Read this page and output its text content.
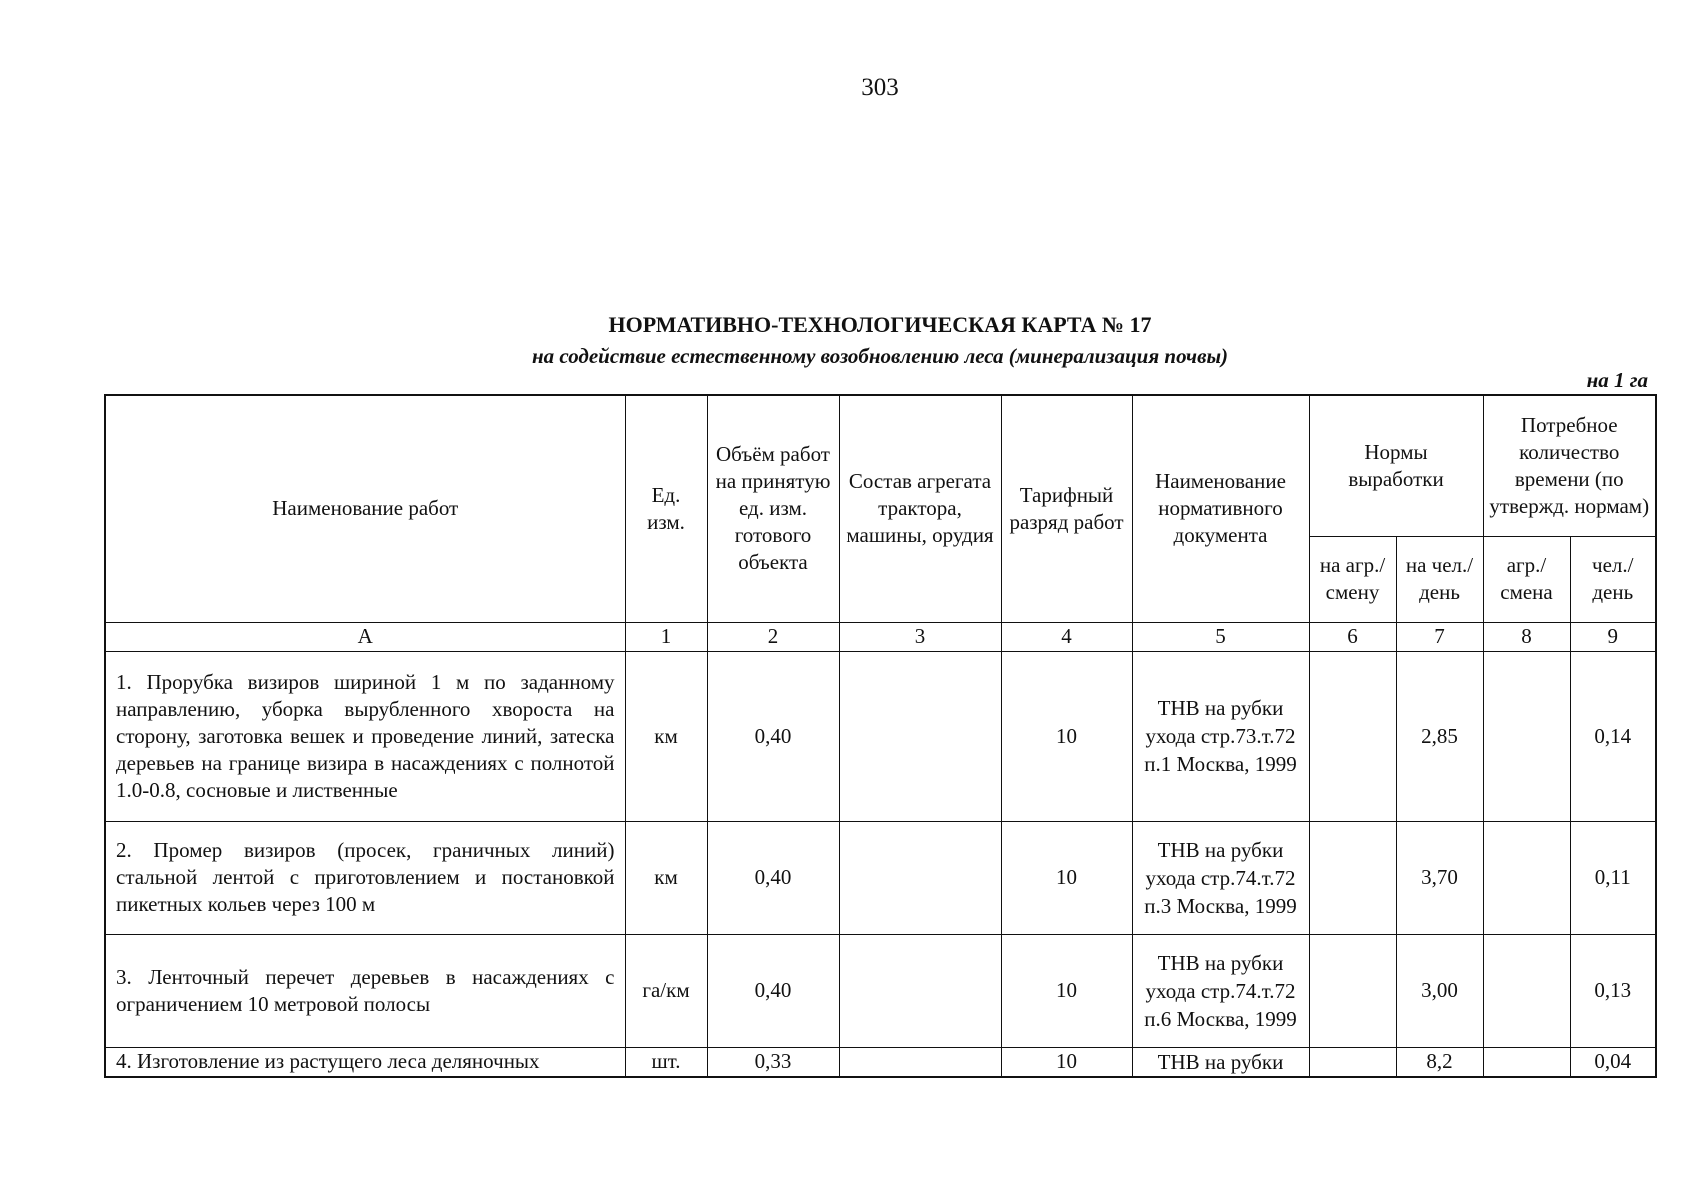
303
НОРМАТИВНО-ТЕХНОЛОГИЧЕСКАЯ КАРТА № 17
на содействие естественному возобновлению леса (минерализация почвы)
на 1 га
Наименование работ	Ед. изм.	Объём работ на принятую ед. изм. готового объекта	Состав агрегата трактора, машины, орудия	Тарифный разряд работ	Наименование нормативного документа	Нормы выработки		Потребное количество времени (по утвержд. нормам)	
						на агр./ смену	на чел./ день	агр./ смена	чел./ день
А	1	2	3	4	5	6	7	8	9
1. Прорубка визиров шириной 1 м по заданному направлению, уборка вырубленного хвороста на сторону, заготовка вешек и проведение линий, затеска деревьев на границе визира в насаждениях с полнотой 1.0-0.8, сосновые и лиственные	км	0,40		10	ТНВ на рубки ухода стр.73.т.72 п.1 Москва, 1999		2,85		0,14
2. Промер визиров (просек, граничных линий) стальной лентой с приготовлением и постановкой пикетных кольев через 100 м	км	0,40		10	ТНВ на рубки ухода стр.74.т.72 п.3 Москва, 1999		3,70		0,11
3. Ленточный перечет деревьев в насаждениях с ограничением 10 метровой полосы	га/км	0,40		10	ТНВ на рубки ухода стр.74.т.72 п.6 Москва, 1999		3,00		0,13
4. Изготовление из растущего леса деляночных	шт.	0,33		10	ТНВ на рубки		8,2		0,04
